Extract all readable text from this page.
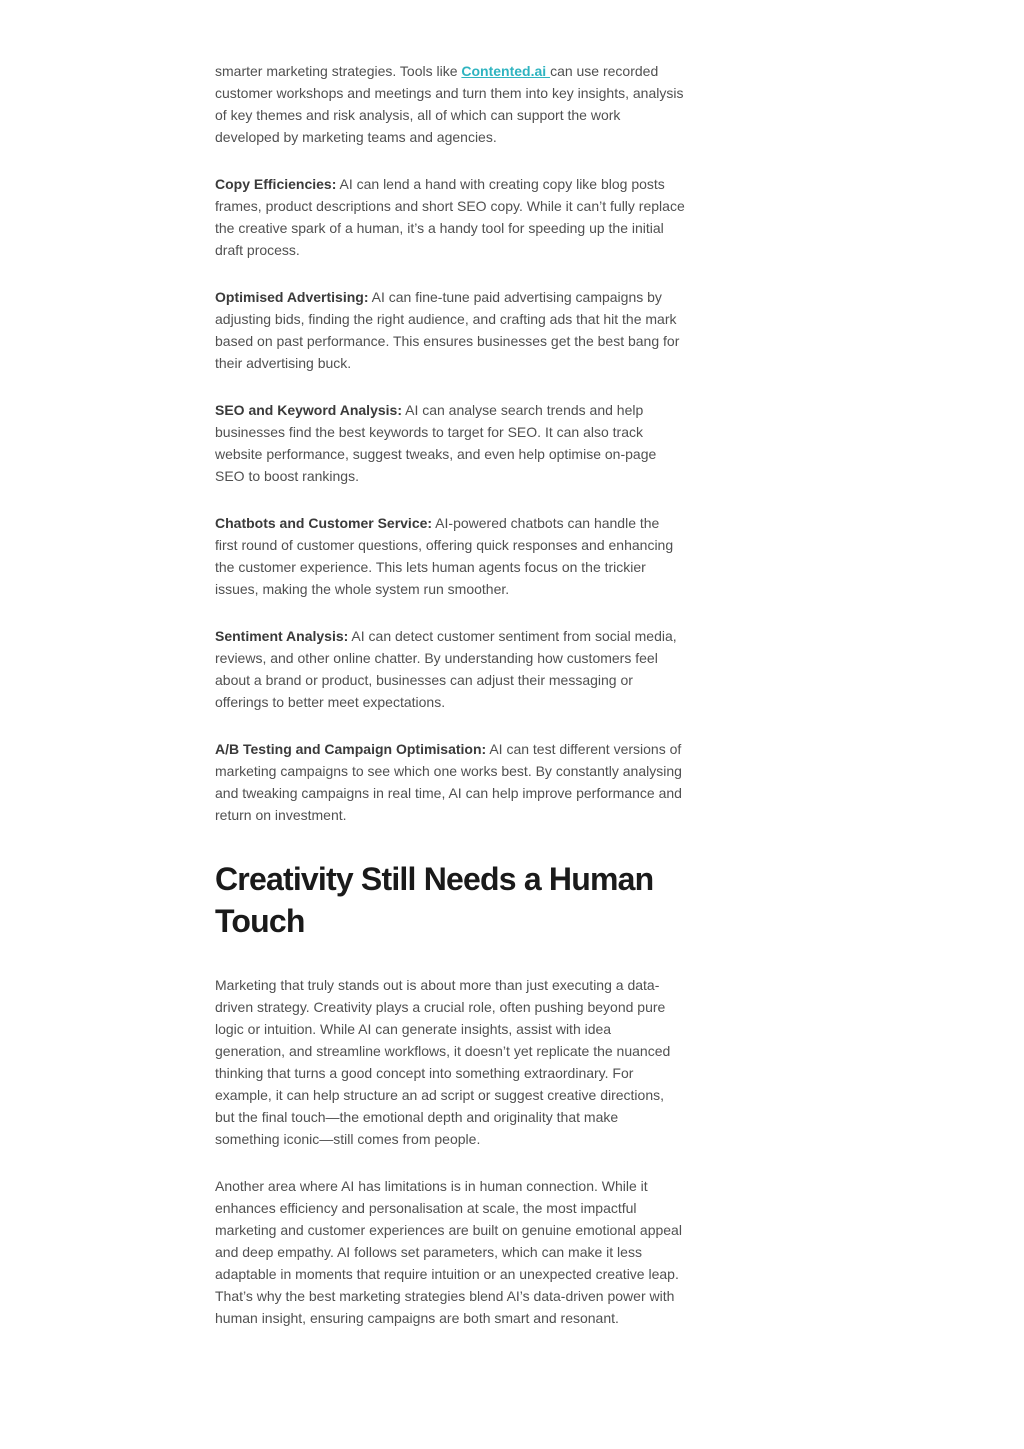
smarter marketing strategies. Tools like Contented.ai can use recorded customer workshops and meetings and turn them into key insights, analysis of key themes and risk analysis, all of which can support the work developed by marketing teams and agencies.

Copy Efficiencies: AI can lend a hand with creating copy like blog posts frames, product descriptions and short SEO copy. While it can’t fully replace the creative spark of a human, it’s a handy tool for speeding up the initial draft process.

Optimised Advertising: AI can fine-tune paid advertising campaigns by adjusting bids, finding the right audience, and crafting ads that hit the mark based on past performance. This ensures businesses get the best bang for their advertising buck.

SEO and Keyword Analysis: AI can analyse search trends and help businesses find the best keywords to target for SEO. It can also track website performance, suggest tweaks, and even help optimise on-page SEO to boost rankings.

Chatbots and Customer Service: AI-powered chatbots can handle the first round of customer questions, offering quick responses and enhancing the customer experience. This lets human agents focus on the trickier issues, making the whole system run smoother.

Sentiment Analysis: AI can detect customer sentiment from social media, reviews, and other online chatter. By understanding how customers feel about a brand or product, businesses can adjust their messaging or offerings to better meet expectations.

A/B Testing and Campaign Optimisation: AI can test different versions of marketing campaigns to see which one works best. By constantly analysing and tweaking campaigns in real time, AI can help improve performance and return on investment.

Creativity Still Needs a Human Touch

Marketing that truly stands out is about more than just executing a data-driven strategy. Creativity plays a crucial role, often pushing beyond pure logic or intuition. While AI can generate insights, assist with idea generation, and streamline workflows, it doesn’t yet replicate the nuanced thinking that turns a good concept into something extraordinary. For example, it can help structure an ad script or suggest creative directions, but the final touch—the emotional depth and originality that make something iconic—still comes from people.

Another area where AI has limitations is in human connection. While it enhances efficiency and personalisation at scale, the most impactful marketing and customer experiences are built on genuine emotional appeal and deep empathy. AI follows set parameters, which can make it less adaptable in moments that require intuition or an unexpected creative leap. That’s why the best marketing strategies blend AI’s data-driven power with human insight, ensuring campaigns are both smart and resonant.
